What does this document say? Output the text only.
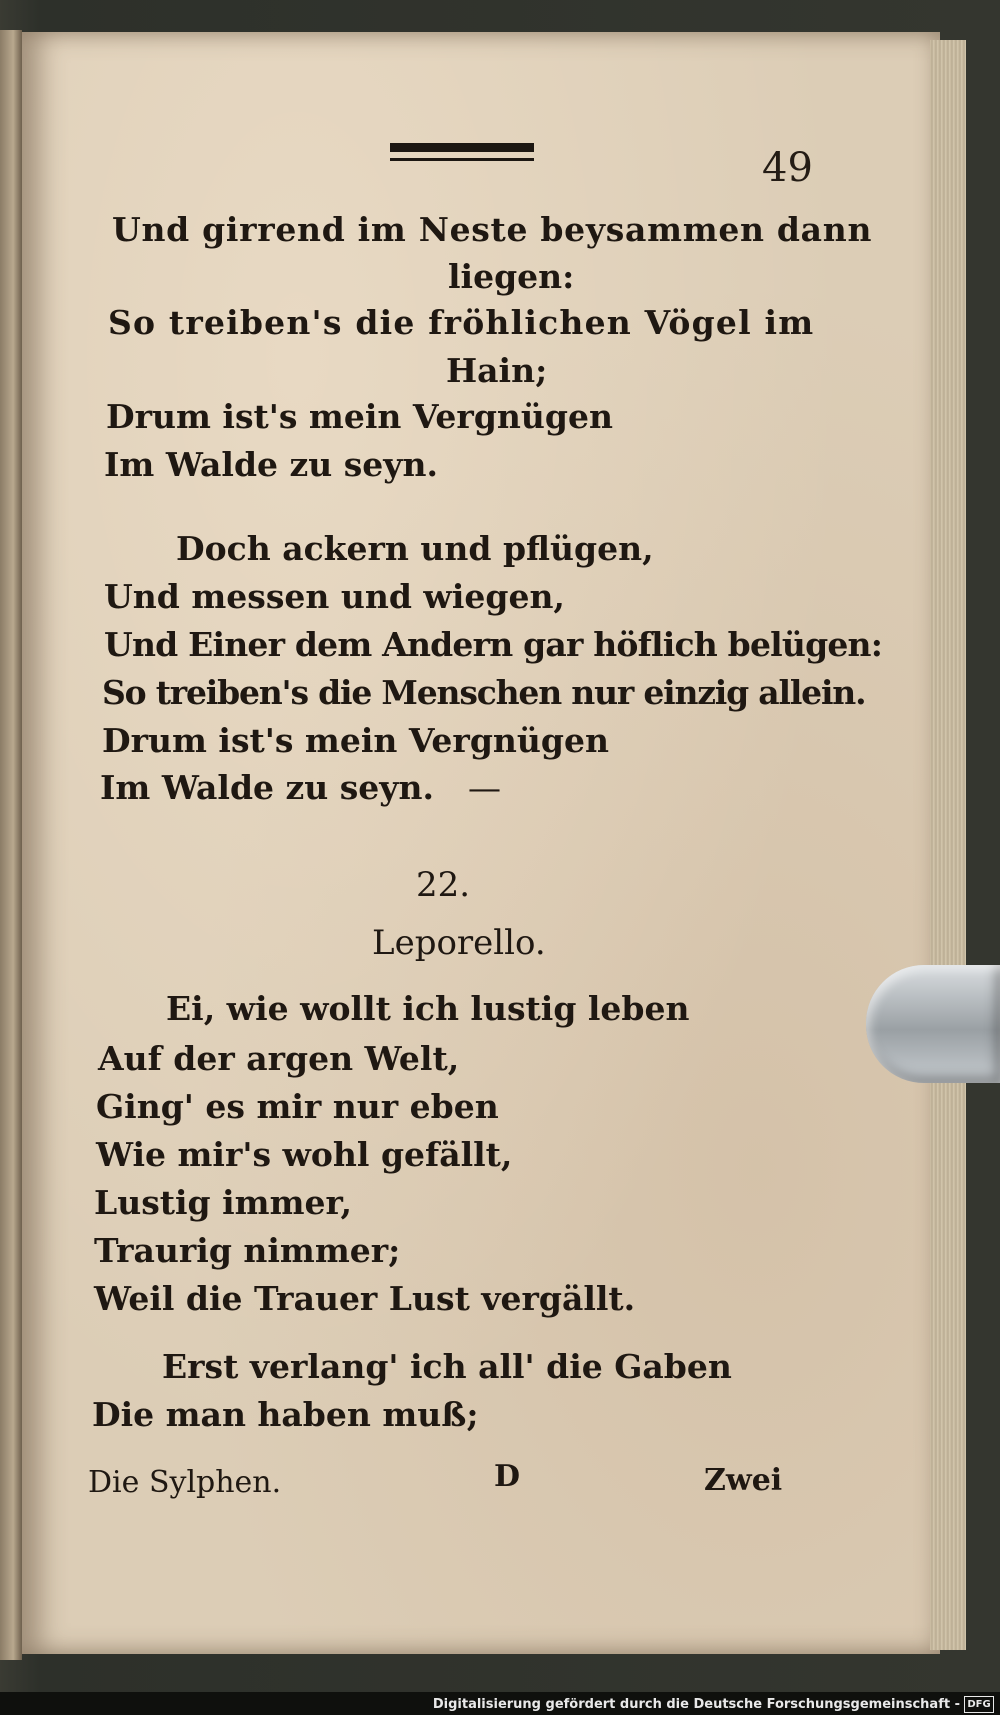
49
Und girrend im Neste beysammen dann
liegen:
So treiben's die fröhlichen Vögel im
Hain;
Drum ist's mein Vergnügen
Im Walde zu seyn.
Doch ackern und pflügen,
Und messen und wiegen,
Und Einer dem Andern gar höflich belügen:
So treiben's die Menschen nur einzig allein.
Drum ist's mein Vergnügen
Im Walde zu seyn. —
22.
Leporello.
Ei, wie wollt ich lustig leben
Auf der argen Welt,
Ging' es mir nur eben
Wie mir's wohl gefällt,
Lustig immer,
Traurig nimmer;
Weil die Trauer Lust vergällt.
Erst verlang' ich all' die Gaben
Die man haben muß;
Die Sylphen.	D	Zwei
Digitalisierung gefördert durch die Deutsche Forschungsgemeinschaft - DFG
